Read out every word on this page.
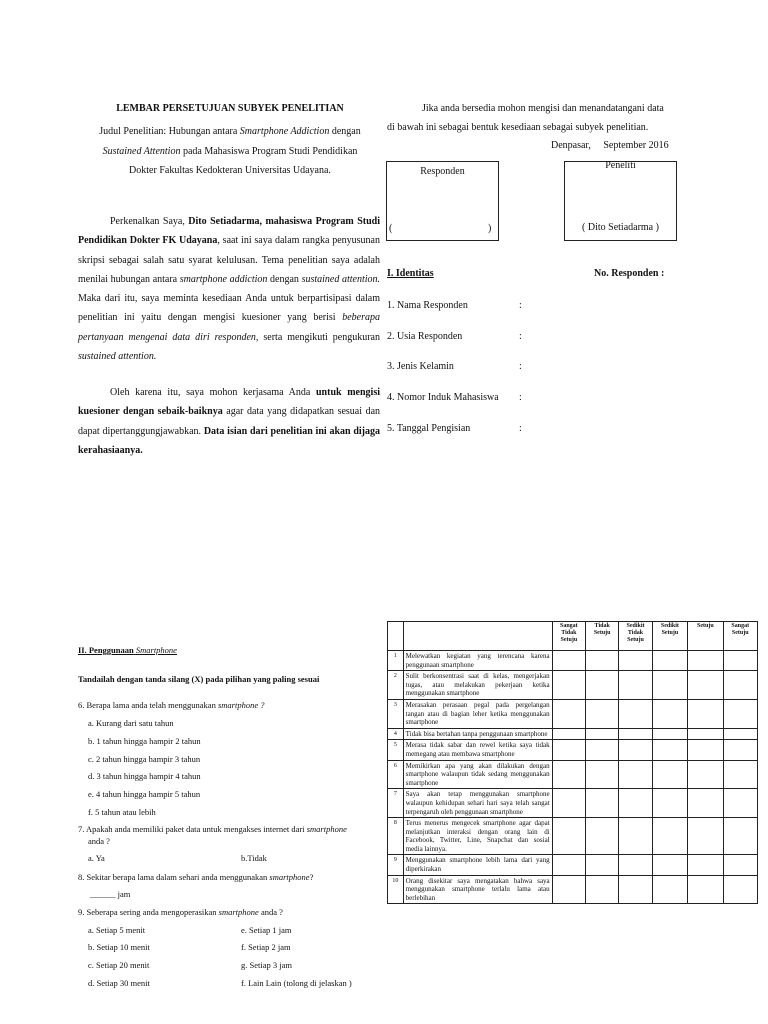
LEMBAR PERSETUJUAN SUBYEK PENELITIAN
Judul Penelitian: Hubungan antara Smartphone Addiction dengan
Sustained Attention pada Mahasiswa Program Studi Pendidikan
Dokter Fakultas Kedokteran Universitas Udayana.
Perkenalkan Saya, Dito Setiadarma, mahasiswa Program Studi Pendidikan Dokter FK Udayana, saat ini saya dalam rangka penyusunan skripsi sebagai salah satu syarat kelulusan. Tema penelitian saya adalah menilai hubungan antara smartphone addiction dengan sustained attention. Maka dari itu, saya meminta kesediaan Anda untuk berpartisipasi dalam penelitian ini yaitu dengan mengisi kuesioner yang berisi beberapa pertanyaan mengenai data diri responden, serta mengikuti pengukuran sustained attention.
Oleh karena itu, saya mohon kerjasama Anda untuk mengisi kuesioner dengan sebaik-baiknya agar data yang didapatkan sesuai dan dapat dipertanggungjawabkan. Data isian dari penelitian ini akan dijaga kerahasiaanya.
Jika anda bersedia mohon mengisi dan menandatangani data
di bawah ini sebagai bentuk kesediaan sebagai subyek penelitian.
Denpasar, September 2016
Responden
(	)
Peneliti
( Dito Setiadarma )
I. Identitas	No. Responden :
1. Nama Responden	:
2. Usia Responden	:
3. Jenis Kelamin	:
4. Nomor Induk Mahasiswa :
5. Tanggal Pengisian	:
II. Penggunaan Smartphone
Tandailah dengan tanda silang (X) pada pilihan yang paling sesuai
6. Berapa lama anda telah menggunakan smartphone ?
a. Kurang dari satu tahun
b. 1 tahun hingga hampir 2 tahun
c. 2 tahun hingga hampir 3 tahun
d. 3 tahun hingga hampir 4 tahun
e. 4 tahun hingga hampir 5 tahun
f. 5 tahun atau lebih
7. Apakah anda memiliki paket data untuk mengakses internet dari smartphone
anda ?
a. Ya	b.Tidak
8. Sekitar berapa lama dalam sehari anda menggunakan smartphone?
______ jam
9. Seberapa sering anda mengoperasikan smartphone anda ?
a. Setiap 5 menit
b. Setiap 10 menit
c. Setiap 20 menit
d. Setiap 30 menit
e. Setiap 1 jam
f. Setiap 2 jam
g. Setiap 3 jam
f. Lain Lain (tolong di jelaskan )
		Sangat Tidak Setuju	Tidak Setuju	Sedikit Tidak Setuju	Sedikit Setuju	Setuju	Sangat Setuju
1	Melewatkan kegiatan yang terencana karena penggunaan smartphone						
2	Sulit berkonsentrasi saat di kelas, mengerjakan tugas, atau melakukan pekerjaan ketika menggunakan smartphone						
3	Merasakan perasaan pegal pada pergelangan tangan atau di bagian leher ketika menggunakan smartphone						
4	Tidak bisa bertahan tanpa penggunaan smartphone						
5	Merasa tidak sabar dan rewel ketika saya tidak memegang atau membawa smartphone						
6	Memikirkan apa yang akan dilakukan dengan smartphone walaupun tidak sedang menggunakan smartphone						
7	Saya akan tetap menggunakan smartphone walaupun kehidupan sehari hari saya telah sangat terpengaruh oleh penggunaan smartphone						
8	Terus menerus mengecek smartphone agar dapat melanjutkan interaksi dengan orang lain di Facebook, Twitter, Line, Snapchat dan sosial media lainnya.						
9	Menggunakan smartphone lebih lama dari yang diperkirakan						
10	Orang disekitar saya mengatakan bahwa saya menggunakan smartphone terlalu lama atau berlebihan						
